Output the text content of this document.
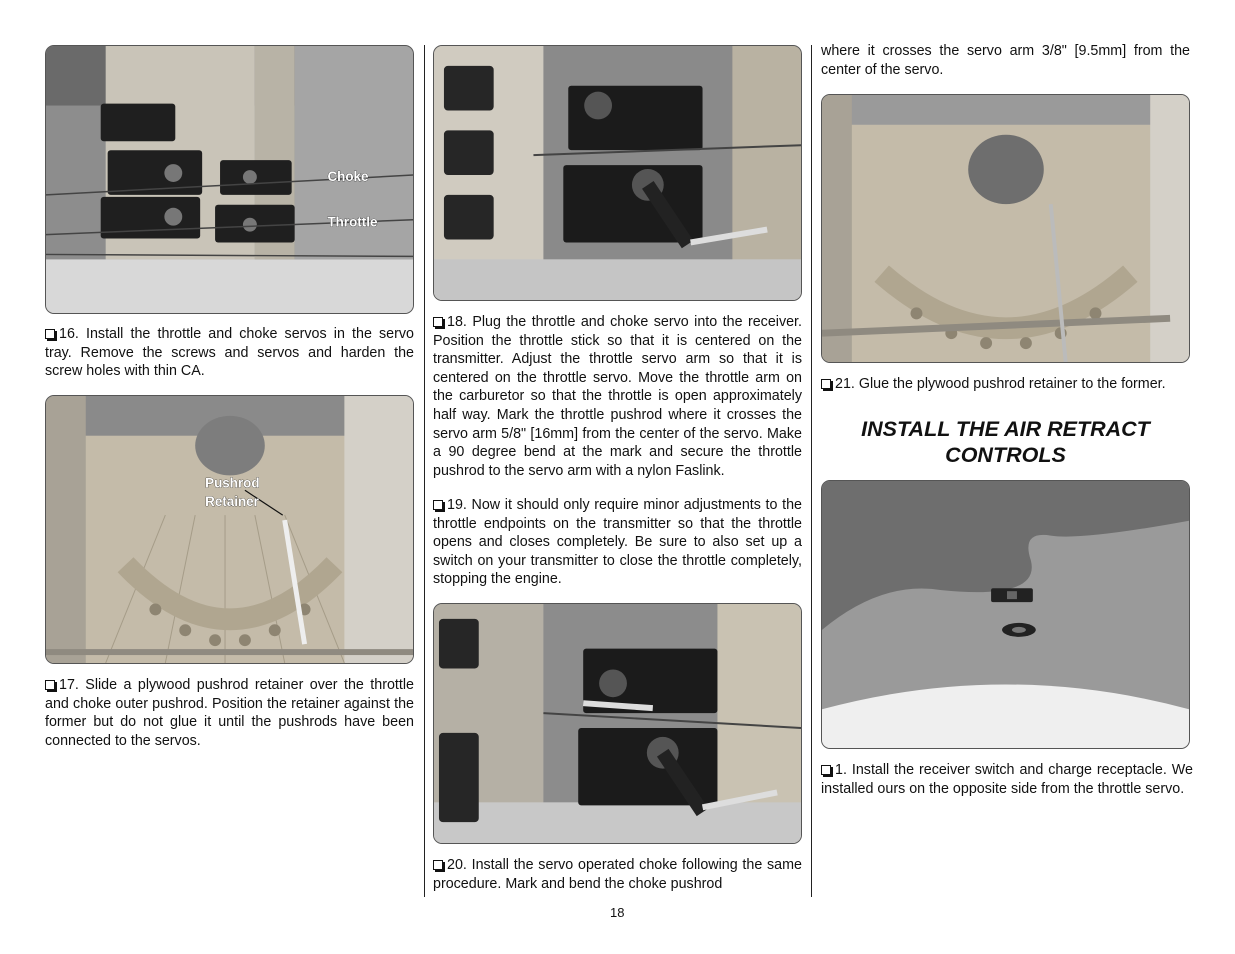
Choke
Throttle

16. Install the throttle and choke servos in the servo tray. Remove the screws and servos and harden the screw holes with thin CA.

Pushrod
Retainer

17. Slide a plywood pushrod retainer over the throttle and choke outer pushrod. Position the retainer against the former but do not glue it until the pushrods have been connected to the servos.

18. Plug the throttle and choke servo into the receiver. Position the throttle stick so that it is centered on the transmitter. Adjust the throttle servo arm so that it is centered on the throttle servo. Move the throttle arm on the carburetor so that the throttle is open approximately half way. Mark the throttle pushrod where it crosses the servo arm 5/8" [16mm] from the center of the servo. Make a 90 degree bend at the mark and secure the throttle pushrod to the servo arm with a nylon Faslink.

19. Now it should only require minor adjustments to the throttle endpoints on the transmitter so that the throttle opens and closes completely. Be sure to also set up a switch on your transmitter to close the throttle completely, stopping the engine.

20. Install the servo operated choke following the same procedure. Mark and bend the choke pushrod

where it crosses the servo arm 3/8" [9.5mm] from the center of the servo.

21. Glue the plywood pushrod retainer to the former.

INSTALL THE AIR RETRACT
CONTROLS

1. Install the receiver switch and charge receptacle. We installed ours on the opposite side from the throttle servo.

18
